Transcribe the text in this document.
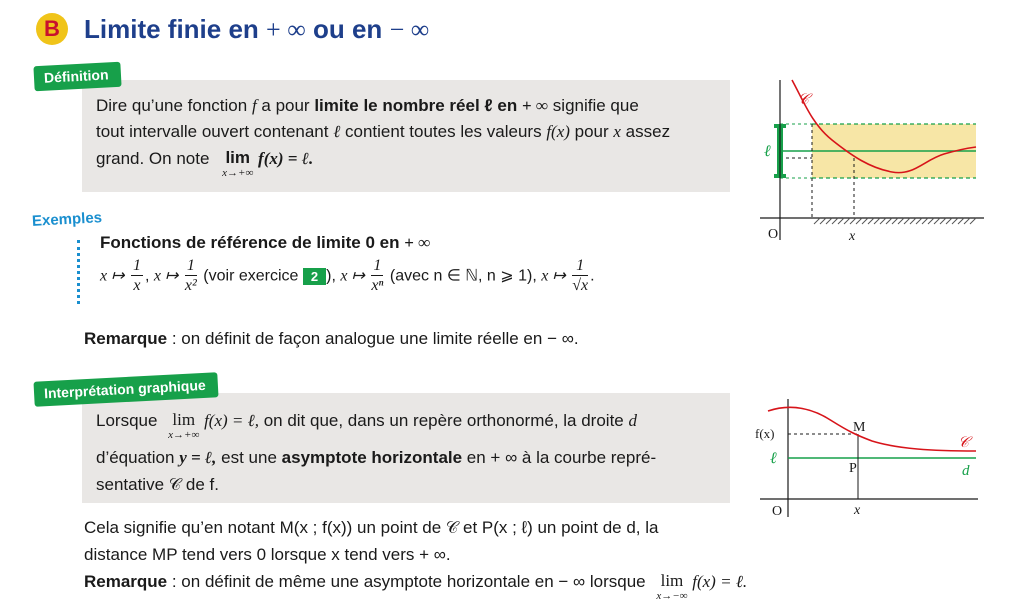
B Limite finie en + ∞ ou en − ∞
Définition
Dire qu’une fonction f a pour limite le nombre réel ℓ en + ∞ signifie que
tout intervalle ouvert contenant ℓ contient toutes les valeurs f(x) pour x assez
grand. On note lim
x→+∞
f(x) = ℓ.
𝒞
ℓ
x
O
Exemples
Fonctions de référence de limite 0 en + ∞
x ↦ $\frac{1}{x}$ , x ↦ $\frac{1}{\text{x²}}$ (voir exercice 2 ), x ↦ $\frac{1}{\text{xⁿ}}$ (avec n ∈ ℕ, n ⩾ 1), x ↦ $\frac{1}{√x}$ .
Remarque : on définit de façon analogue une limite réelle en − ∞.
Interprétation graphique
Lorsque lim
x→+∞
f(x) = ℓ, on dit que, dans un repère orthonormé, la droite d
d’équation y = ℓ, est une asymptote horizontale en + ∞ à la courbe repré-
sentative 𝒞 de f.
f(x)
ℓ
M
P
𝒞
d
x
O
Cela signifie qu’en notant M(x ; f(x)) un point de 𝒞 et P(x ; ℓ) un point de d, la
distance MP tend vers 0 lorsque x tend vers + ∞.
Remarque : on définit de même une asymptote horizontale en − ∞ lorsque lim
x→−∞
f(x) = ℓ.
